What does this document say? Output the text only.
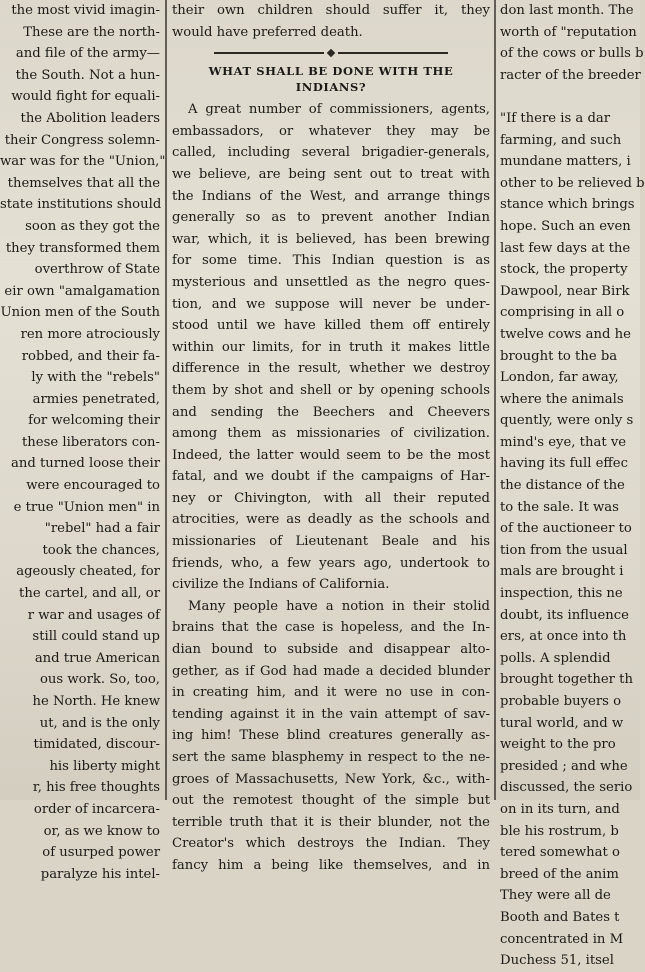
the most vivid imagin-
These are the north-
and file of the army—
the South. Not a hun-
would fight for equali-
the Abolition leaders
their Congress solemn-
war was for the "Union,"
themselves that all the
state institutions should
soon as they got the
they transformed them
overthrow of State
eir own "amalgamation
Union men of the South
ren more atrociously
robbed, and their fa-
ly with the "rebels"
armies penetrated,
for welcoming their
these liberators con-
and turned loose their
were encouraged to
e true "Union men" in
"rebel" had a fair
took the chances,
ageously cheated, for
the cartel, and all, or
r war and usages of
still could stand up
and true American
ous work. So, too,
he North. He knew
ut, and is the only
timidated, discour-
his liberty might
r, his free thoughts
order of incarcera-
or, as we know to
of usurped power
paralyze his intel-
their own children should suffer it, they
would have preferred death.
WHAT SHALL BE DONE WITH THE INDIANS?
A great number of commissioners, agents,
embassadors, or whatever they may be
called, including several brigadier-generals,
we believe, are being sent out to treat with
the Indians of the West, and arrange things
generally so as to prevent another Indian
war, which, it is believed, has been brewing
for some time. This Indian question is as
mysterious and unsettled as the negro ques-
tion, and we suppose will never be under-
stood until we have killed them off entirely
within our limits, for in truth it makes little
difference in the result, whether we destroy
them by shot and shell or by opening schools
and sending the Beechers and Cheevers
among them as missionaries of civilization.
Indeed, the latter would seem to be the most
fatal, and we doubt if the campaigns of Har-
ney or Chivington, with all their reputed
atrocities, were as deadly as the schools and
missionaries of Lieutenant Beale and his
friends, who, a few years ago, undertook to
civilize the Indians of California.
Many people have a notion in their stolid
brains that the case is hopeless, and the In-
dian bound to subside and disappear alto-
gether, as if God had made a decided blunder
in creating him, and it were no use in con-
tending against it in the vain attempt of sav-
ing him! These blind creatures generally as-
sert the same blasphemy in respect to the ne-
groes of Massachusetts, New York, &c., with-
out the remotest thought of the simple but
terrible truth that it is their blunder, not the
Creator's which destroys the Indian. They
fancy him a being like themselves, and in
don last month. The
worth of "reputation
of the cows or bulls b
racter of the breeder

"If there is a dar
farming, and such
mundane matters, i
other to be relieved b
stance which brings
hope. Such an even
last few days at the
stock, the property
Dawpool, near Birk
comprising in all o
twelve cows and he
brought to the ba
London, far away,
where the animals
quently, were only s
mind's eye, that ve
having its full effec
the distance of the
to the sale. It was
of the auctioneer to
tion from the usual
mals are brought i
inspection, this ne
doubt, its influence
ers, at once into th
polls. A splendid
brought together th
probable buyers o
tural world, and w
weight to the pro
presided ; and whe
discussed, the serio
on in its turn, and
ble his rostrum, b
tered somewhat o
breed of the anim
They were all de
Booth and Bates t
concentrated in M
Duchess 51, itsel
